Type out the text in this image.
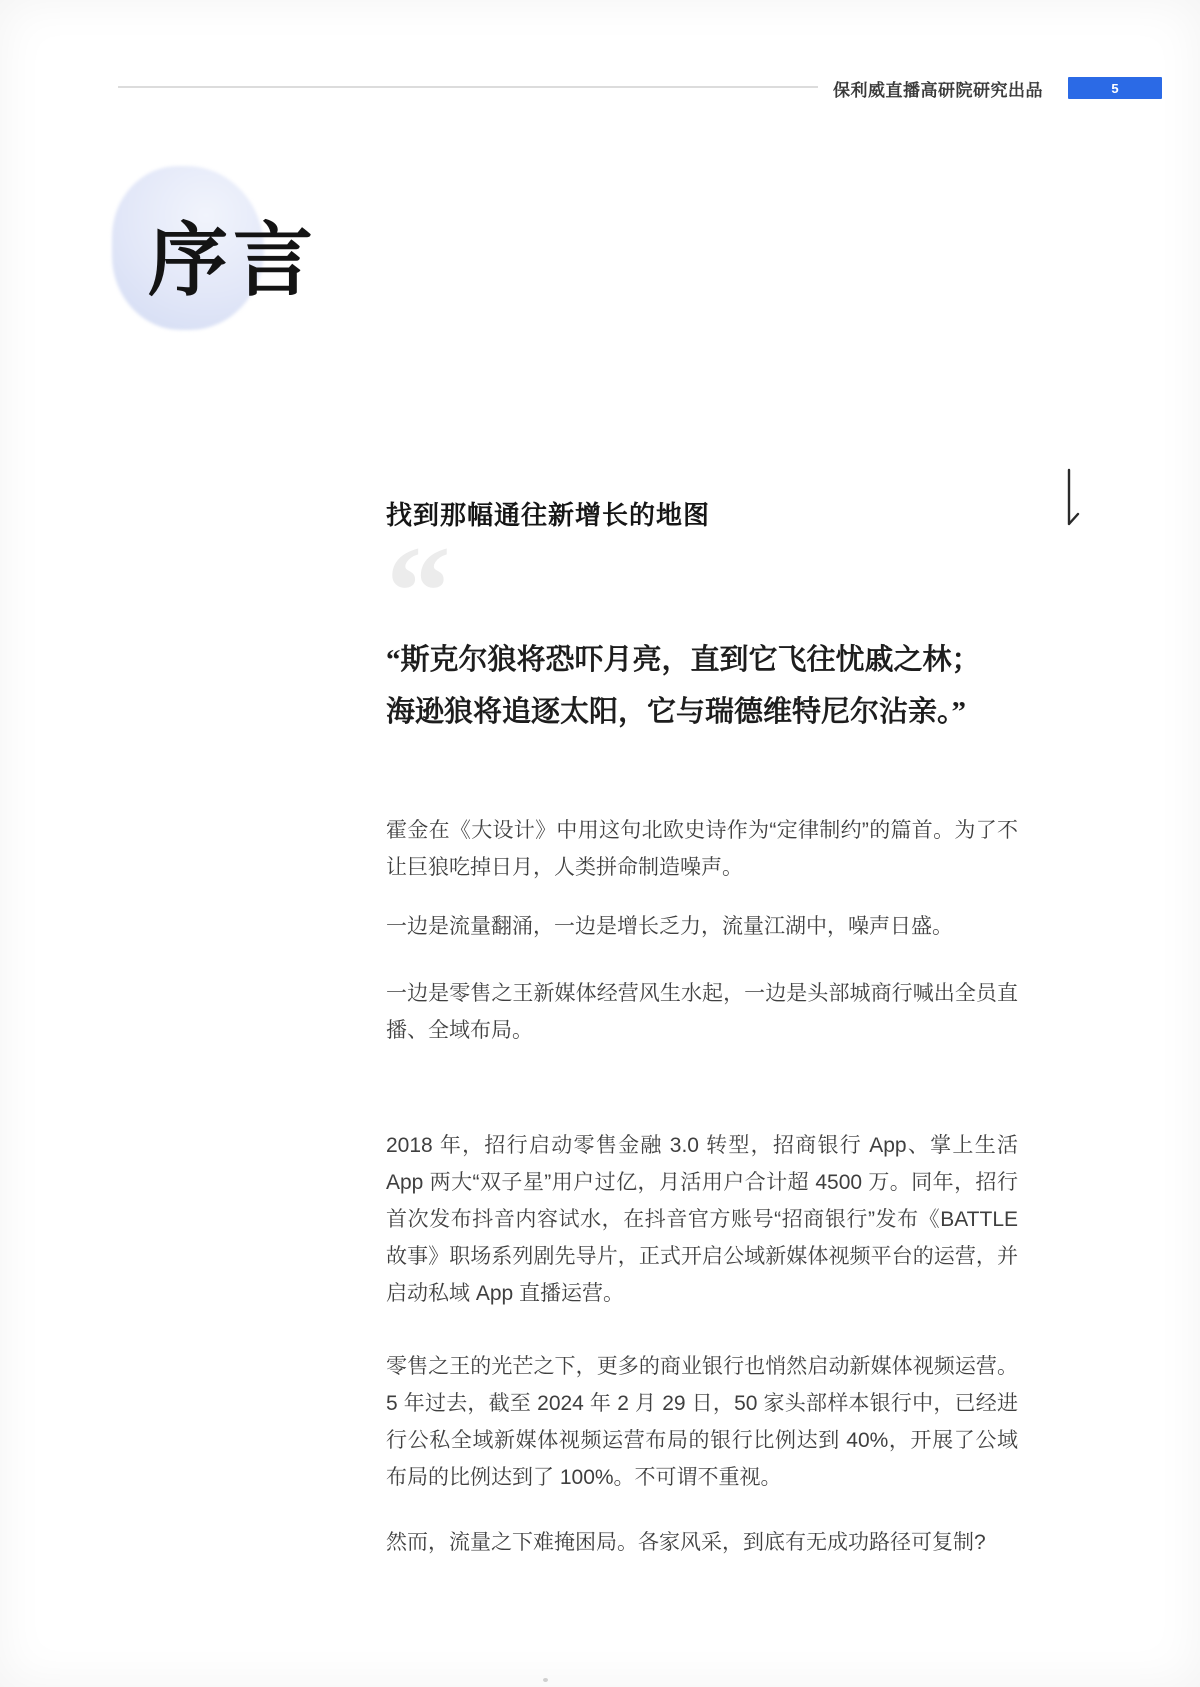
保利威直播高研院研究出品	5
序言
找到那幅通往新增长的地图
“
“斯克尔狼将恐吓月亮，直到它飞往忧戚之林；
海逊狼将追逐太阳，它与瑞德维特尼尔沾亲。”

霍金在《大设计》中用这句北欧史诗作为“定律制约”的篇首。为了不让巨狼吃掉日月，人类拼命制造噪声。

一边是流量翻涌，一边是增长乏力，流量江湖中，噪声日盛。

一边是零售之王新媒体经营风生水起，一边是头部城商行喊出全员直播、全域布局。

2018 年，招行启动零售金融 3.0 转型，招商银行 App、掌上生活 App 两大“双子星”用户过亿，月活用户合计超 4500 万。同年，招行首次发布抖音内容试水，在抖音官方账号“招商银行”发布《BATTLE 故事》职场系列剧先导片，正式开启公域新媒体视频平台的运营，并启动私域 App 直播运营。

零售之王的光芒之下，更多的商业银行也悄然启动新媒体视频运营。5 年过去，截至 2024 年 2 月 29 日，50 家头部样本银行中，已经进行公私全域新媒体视频运营布局的银行比例达到 40%，开展了公域布局的比例达到了 100%。不可谓不重视。

然而，流量之下难掩困局。各家风采，到底有无成功路径可复制?
